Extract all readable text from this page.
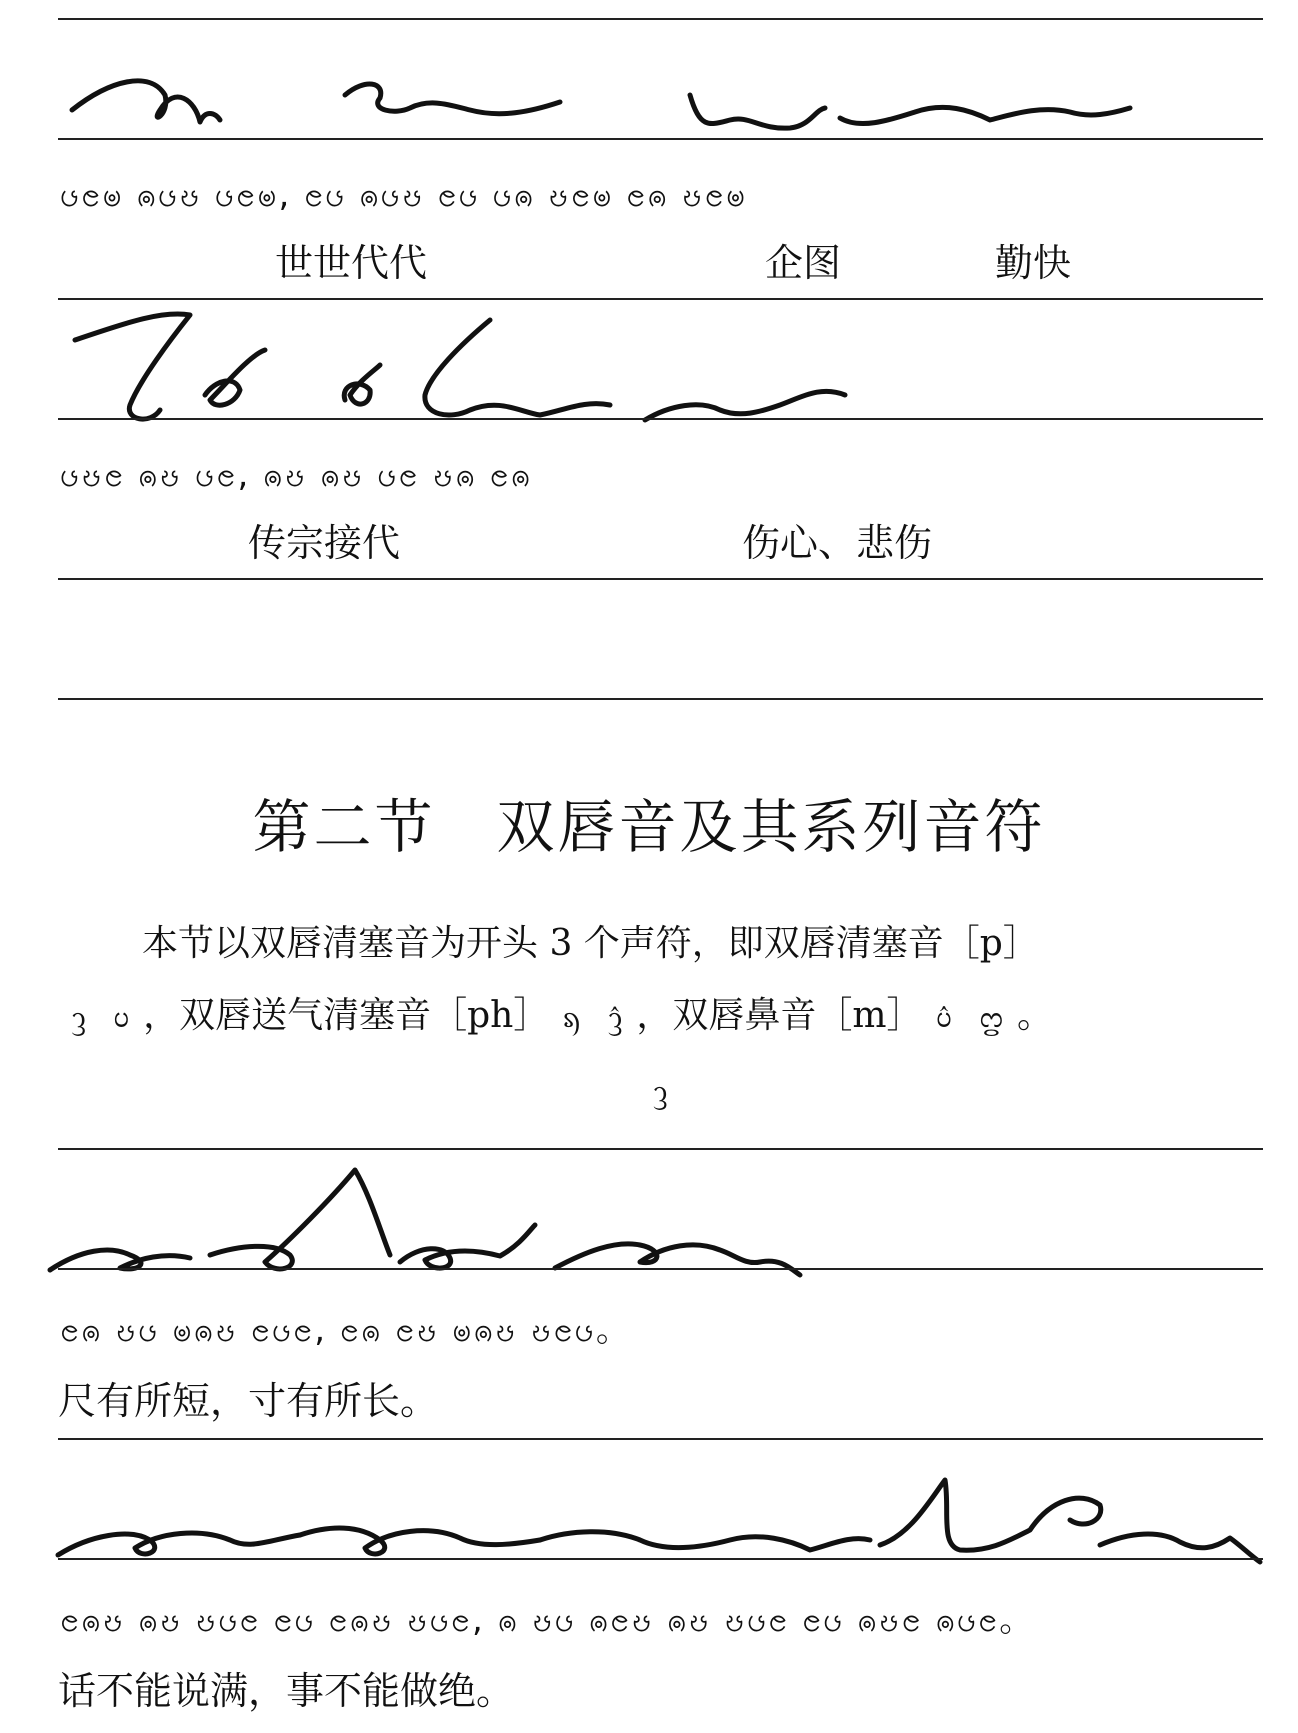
ၒၔၑ ၐၒၓ ၒၔၑ, ၔၒ ၐၒၓ ၔၒ ၒၐ ၓၔၑ ၔၐ ၓၔၑ
世世代代	企图	勤快
ၒၓၔ ၐၓ ၒၔ, ၐၓ ၐၓ ၒၔ ၓၐ ၔၐ
传宗接代	伤心、悲伤
第二节　双唇音及其系列音符
本节以双唇清塞音为开头 3 个声符，即双唇清塞音［p］
ᦡ ᦢ ，双唇送气清塞音［ph］ ᦣ ᦤ ，双唇鼻音［m］ ᦥ ᦦ 。
ᦡ
ၔၐ ၓၒ ၑၐၓ ၔၒၔ, ၔၐ ၔၓ ၑၐၓ ၓၔၒ。
尺有所短，寸有所长。
ၔၐၓ ၐၓ ၓၒၔ ၔၒ ၔၐၓ ၓၒၔ, ၐ ၓၒ ၐၔၓ ၐၓ ၓၒၔ ၔၒ ၐၓၔ ၐၒၔ。
话不能说满，事不能做绝。
